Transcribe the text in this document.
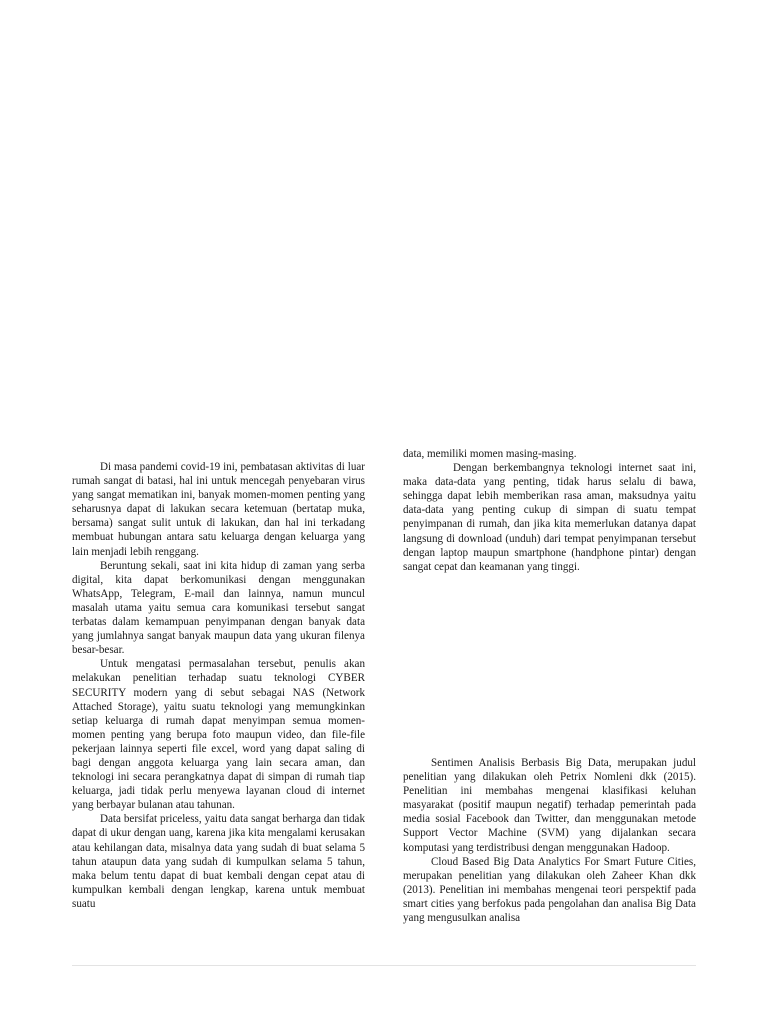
Di masa pandemi covid-19 ini, pembatasan aktivitas di luar rumah sangat di batasi, hal ini untuk mencegah penyebaran virus yang sangat mematikan ini, banyak momen-momen penting yang seharusnya dapat di lakukan secara ketemuan (bertatap muka, bersama) sangat sulit untuk di lakukan, dan hal ini terkadang membuat hubungan antara satu keluarga dengan keluarga yang lain menjadi lebih renggang.

Beruntung sekali, saat ini kita hidup di zaman yang serba digital, kita dapat berkomunikasi dengan menggunakan WhatsApp, Telegram, E-mail dan lainnya, namun muncul masalah utama yaitu semua cara komunikasi tersebut sangat terbatas dalam kemampuan penyimpanan dengan banyak data yang jumlahnya sangat banyak maupun data yang ukuran filenya besar-besar.

Untuk mengatasi permasalahan tersebut, penulis akan melakukan penelitian terhadap suatu teknologi CYBER SECURITY modern yang di sebut sebagai NAS (Network Attached Storage), yaitu suatu teknologi yang memungkinkan setiap keluarga di rumah dapat menyimpan semua momen-momen penting yang berupa foto maupun video, dan file-file pekerjaan lainnya seperti file excel, word yang dapat saling di bagi dengan anggota keluarga yang lain secara aman, dan teknologi ini secara perangkatnya dapat di simpan di rumah tiap keluarga, jadi tidak perlu menyewa layanan cloud di internet yang berbayar bulanan atau tahunan.

Data bersifat priceless, yaitu data sangat berharga dan tidak dapat di ukur dengan uang, karena jika kita mengalami kerusakan atau kehilangan data, misalnya data yang sudah di buat selama 5 tahun ataupun data yang sudah di kumpulkan selama 5 tahun, maka belum tentu dapat di buat kembali dengan cepat atau di kumpulkan kembali dengan lengkap, karena untuk membuat suatu

data, memiliki momen masing-masing.

Dengan berkembangnya teknologi internet saat ini, maka data-data yang penting, tidak harus selalu di bawa, sehingga dapat lebih memberikan rasa aman, maksudnya yaitu data-data yang penting cukup di simpan di suatu tempat penyimpanan di rumah, dan jika kita memerlukan datanya dapat langsung di download (unduh) dari tempat penyimpanan tersebut dengan laptop maupun smartphone (handphone pintar) dengan sangat cepat dan keamanan yang tinggi.

Sentimen Analisis Berbasis Big Data, merupakan judul penelitian yang dilakukan oleh Petrix Nomleni dkk (2015). Penelitian ini membahas mengenai klasifikasi keluhan masyarakat (positif maupun negatif) terhadap pemerintah pada media sosial Facebook dan Twitter, dan menggunakan metode Support Vector Machine (SVM) yang dijalankan secara komputasi yang terdistribusi dengan menggunakan Hadoop.

Cloud Based Big Data Analytics For Smart Future Cities, merupakan penelitian yang dilakukan oleh Zaheer Khan dkk (2013). Penelitian ini membahas mengenai teori perspektif pada smart cities yang berfokus pada pengolahan dan analisa Big Data yang mengusulkan analisa
